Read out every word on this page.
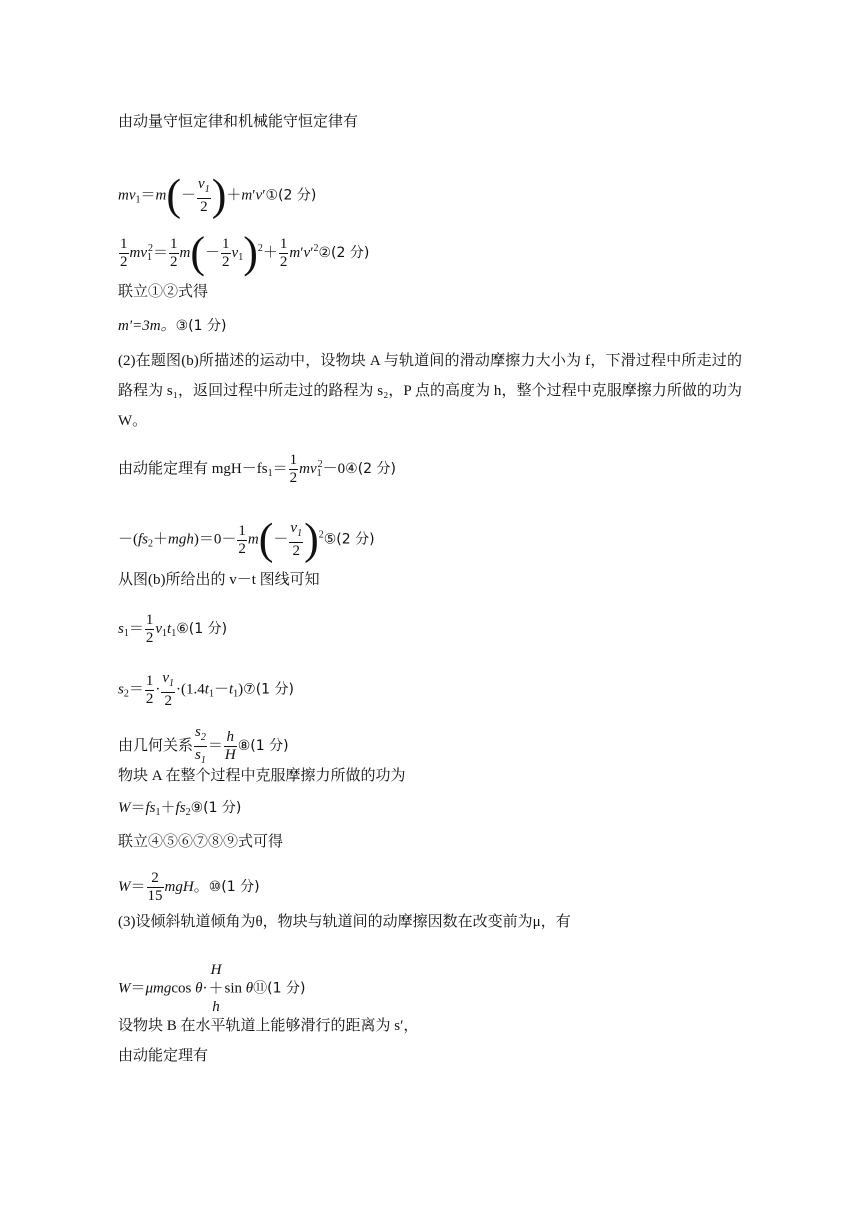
由动量守恒定律和机械能守恒定律有
$mv_1=m(- \frac{v_1}{2}$ )＋m′v′①(2 分)
$\frac{1}{2} mv_1^2= \frac{1}{2} m(- \frac{1}{2} v_1)^2+ \frac{1}{2}$ $m'v'^2②(2$ 分)
联立①②式得
m′=3m。③(1 分)
(2)在题图(b)所描述的运动中，设物块 A 与轨道间的滑动摩擦力大小为 f，下滑过程中所走过的路程为 s₁，返回过程中所走过的路程为 s₂，P 点的高度为 h，整个过程中克服摩擦力所做的功为 W。
由动能定理有 $mgH-fs_1= \frac{1}{2}$ $mv_1^2-0④(2$ 分)
$-(fs_2+mgh)=0- \frac{1}{2} m(- \frac{v_1}{2}$ )$^2⑤(2$ 分)
从图(b)所给出的 v－t 图线可知
$s_1= \frac{1}{2}$ $v_1t_1⑥(1$ 分)
$s_2= \frac{1}{2} \cdot \frac{v_1}{2}$ $\cdot(1.4t_1-t_1)⑦(1$ 分)
由几何关系 $\frac{s_2}{s_1} = \frac{h}{H}$ ⑧(1 分)
物块 A 在整个过程中克服摩擦力所做的功为
$W=fs_1+fs_2⑨(1$ 分)
联立④⑤⑥⑦⑧⑨式可得
$W= \frac{2}{15}$ mgH。⑩(1 分)
(3)设倾斜轨道倾角为θ，物块与轨道间的动摩擦因数在改变前为μ，有
W＝μmgcos θ·
H
＋
h
sin θ⑪(1 分)
设物块 B 在水平轨道上能够滑行的距离为 s′，
由动能定理有
